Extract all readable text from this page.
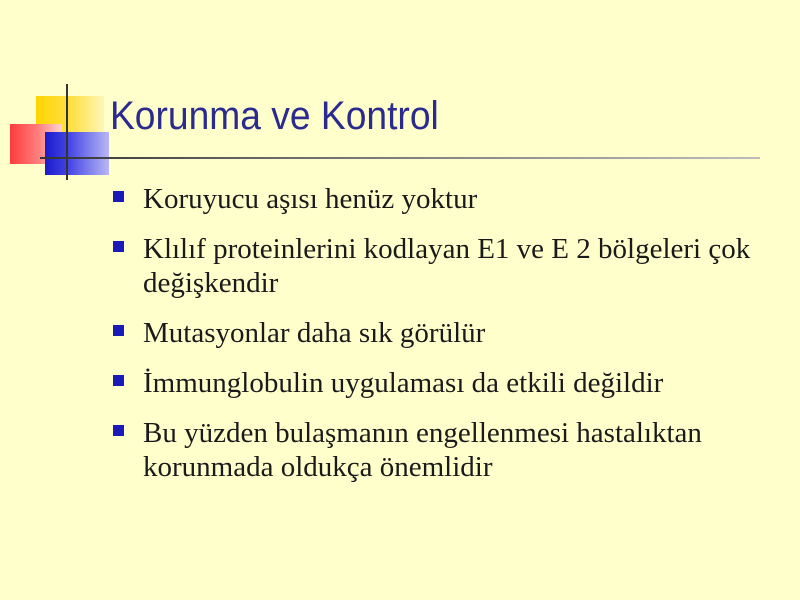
Korunma ve Kontrol
Koruyucu aşısı henüz yoktur
Klılıf proteinlerini kodlayan E1 ve E 2 bölgeleri çok değişkendir
Mutasyonlar daha sık görülür
İmmunglobulin uygulaması da etkili değildir
Bu yüzden bulaşmanın engellenmesi hastalıktan korunmada oldukça önemlidir
